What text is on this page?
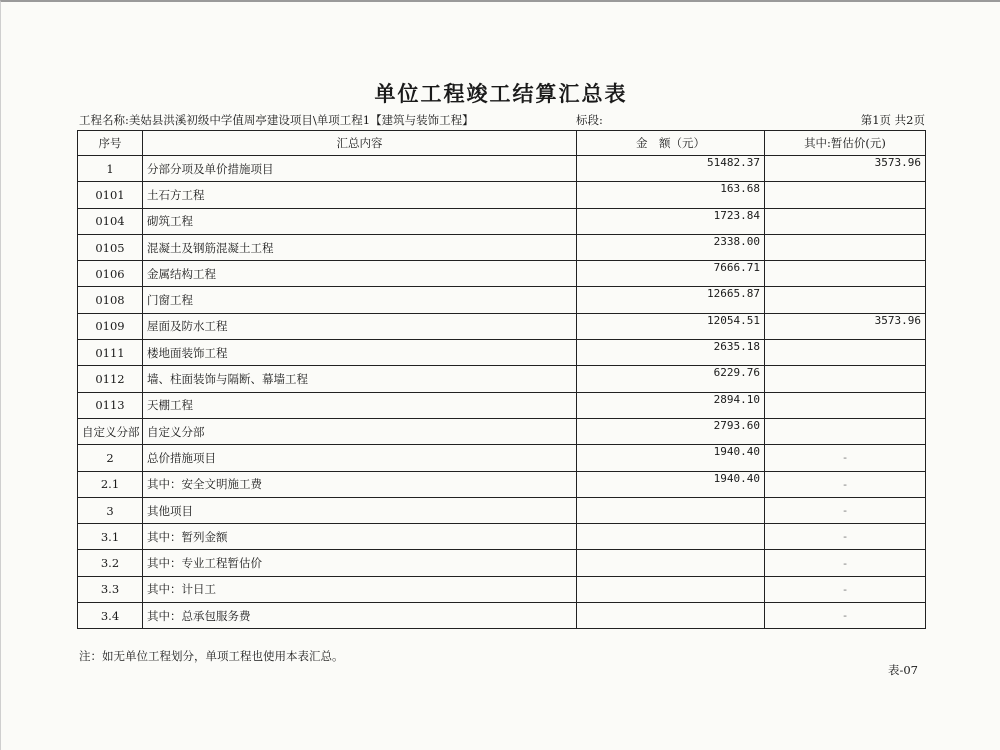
单位工程竣工结算汇总表
工程名称:美姑县洪溪初级中学值周亭建设项目\单项工程1【建筑与装饰工程】	标段:	第1页 共2页
序号	汇总内容	金　额（元）	其中:暂估价(元)
1	分部分项及单价措施项目	51482.37	3573.96
0101	土石方工程	163.68	
0104	砌筑工程	1723.84	
0105	混凝土及钢筋混凝土工程	2338.00	
0106	金属结构工程	7666.71	
0108	门窗工程	12665.87	
0109	屋面及防水工程	12054.51	3573.96
0111	楼地面装饰工程	2635.18	
0112	墙、柱面装饰与隔断、幕墙工程	6229.76	
0113	天棚工程	2894.10	
自定义分部	自定义分部	2793.60	
2	总价措施项目	1940.40	-
2.1	其中：安全文明施工费	1940.40	-
3	其他项目		-
3.1	其中：暂列金额		-
3.2	其中：专业工程暂估价		-
3.3	其中：计日工		-
3.4	其中：总承包服务费		-
注：如无单位工程划分，单项工程也使用本表汇总。
表-07
